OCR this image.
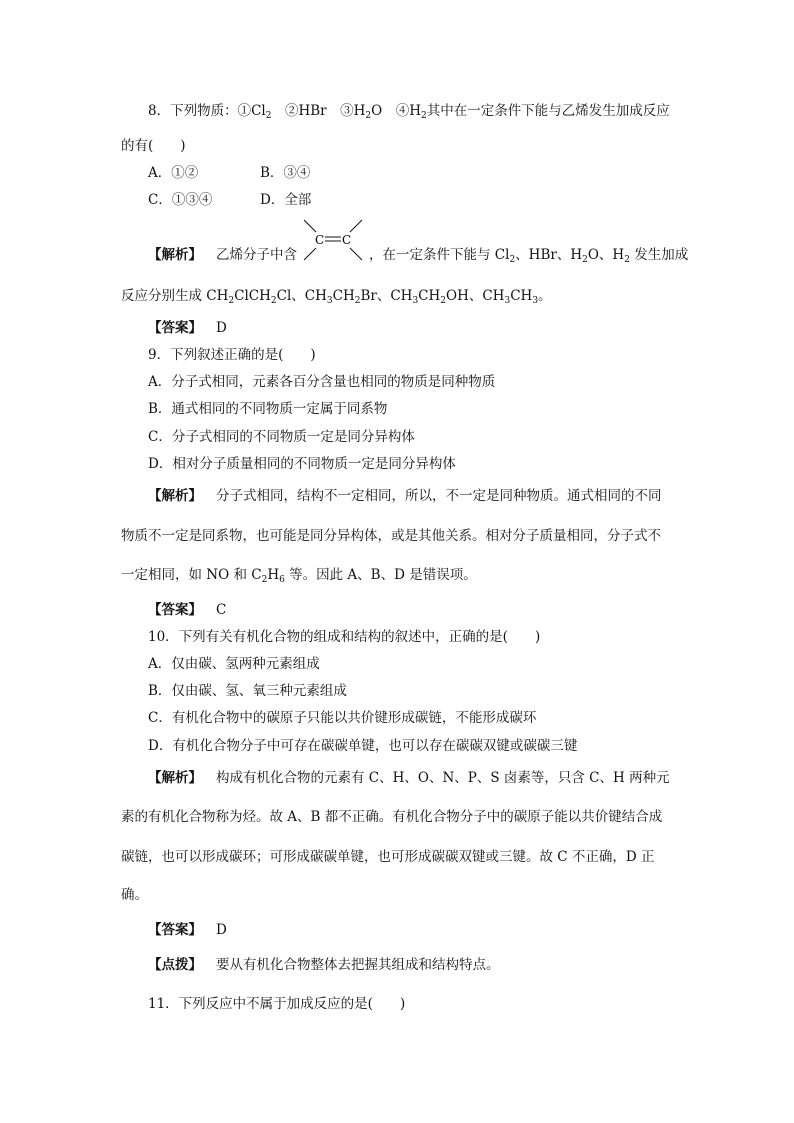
8．下列物质：$①Cl_2$　②HBr　$③H_2O$　$④H_2$其中在一定条件下能与乙烯发生加成反应
的有(　　)
A．①②	B．③④
C．①③④	D．全部
【解析】 乙烯分子中含	，在一定条件下能与 $Cl_2$、HBr、$H_2O$、$H_2$ 发生加成
C C
反应分别生成 $CH_2ClCH_2Cl$、$CH_3CH_2Br$、$CH_3CH_2OH$、$CH_3CH_3$。
【答案】 D
9．下列叙述正确的是(　　)
A．分子式相同，元素各百分含量也相同的物质是同种物质
B．通式相同的不同物质一定属于同系物
C．分子式相同的不同物质一定是同分异构体
D．相对分子质量相同的不同物质一定是同分异构体
【解析】 分子式相同，结构不一定相同，所以，不一定是同种物质。通式相同的不同
物质不一定是同系物，也可能是同分异构体，或是其他关系。相对分子质量相同，分子式不
一定相同，如 NO 和 $C_2H_6$ 等。因此 A、B、D 是错误项。
【答案】 C
10．下列有关有机化合物的组成和结构的叙述中，正确的是(　　)
A．仅由碳、氢两种元素组成
B．仅由碳、氢、氧三种元素组成
C．有机化合物中的碳原子只能以共价键形成碳链，不能形成碳环
D．有机化合物分子中可存在碳碳单键，也可以存在碳碳双键或碳碳三键
【解析】 构成有机化合物的元素有 C、H、O、N、P、S 卤素等，只含 C、H 两种元
素的有机化合物称为烃。故 A、B 都不正确。有机化合物分子中的碳原子能以共价键结合成
碳链，也可以形成碳环；可形成碳碳单键，也可形成碳碳双键或三键。故 C 不正确，D 正
确。
【答案】 D
【点拨】 要从有机化合物整体去把握其组成和结构特点。
11．下列反应中不属于加成反应的是(　　)
